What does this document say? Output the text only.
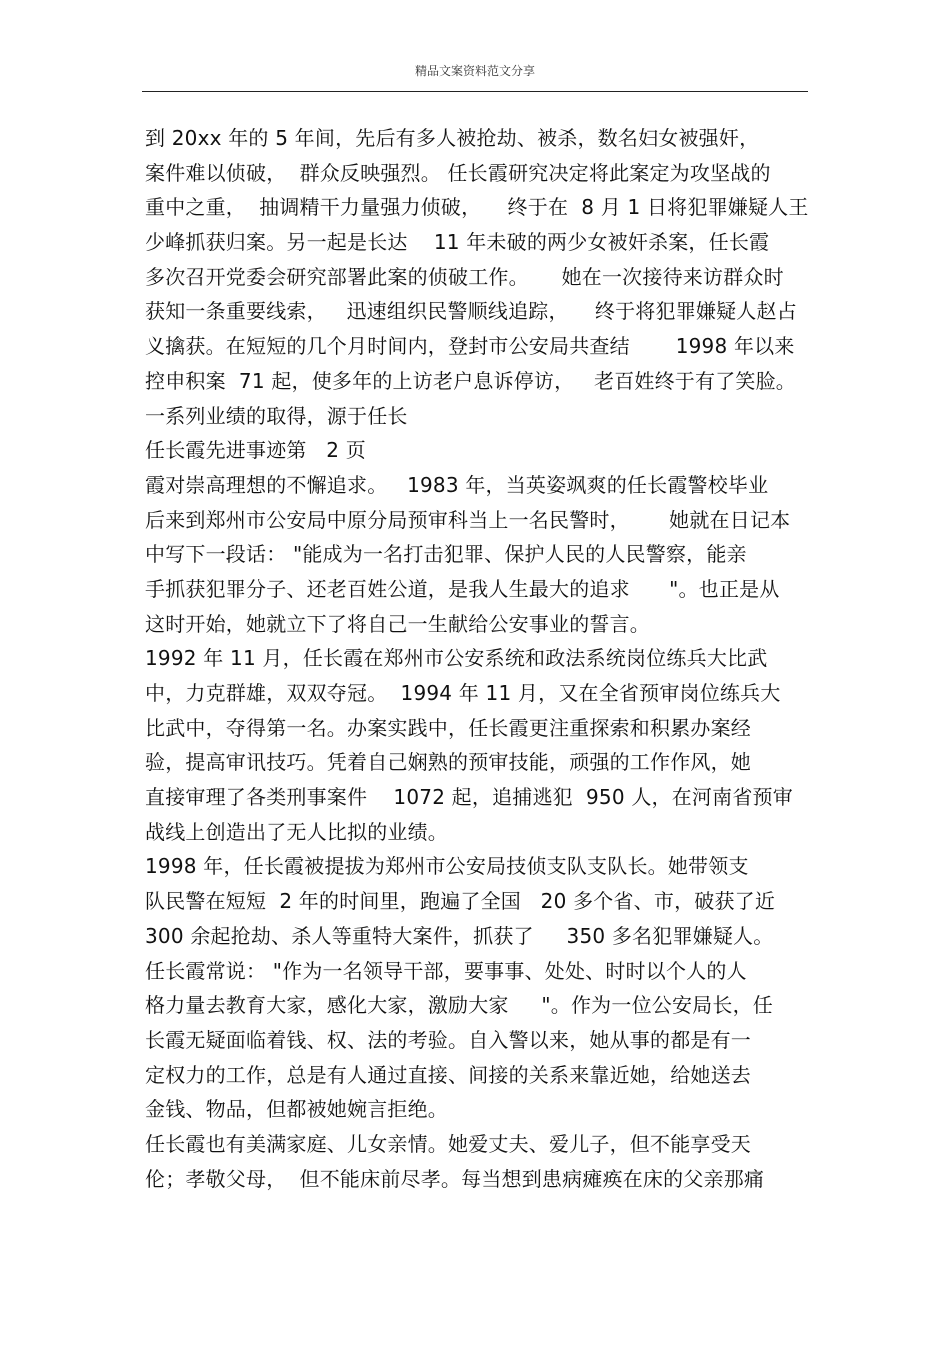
精品文案资料范文分享
到 20xx 年的 5 年间，先后有多人被抢劫、被杀，数名妇女被强奸，
案件难以侦破，  群众反映强烈。 任长霞研究决定将此案定为攻坚战的
重中之重，  抽调精干力量强力侦破，    终于在  8 月 1 日将犯罪嫌疑人王
少峰抓获归案。另一起是长达    11 年未破的两少女被奸杀案，任长霞
多次召开党委会研究部署此案的侦破工作。     她在一次接待来访群众时
获知一条重要线索，   迅速组织民警顺线追踪，    终于将犯罪嫌疑人赵占
义擒获。在短短的几个月时间内，登封市公安局共查结       1998 年以来
控申积案  71 起，使多年的上访老户息诉停访，   老百姓终于有了笑脸。
一系列业绩的取得，源于任长
任长霞先进事迹第   2 页
霞对崇高理想的不懈追求。   1983 年，当英姿飒爽的任长霞警校毕业
后来到郑州市公安局中原分局预审科当上一名民警时，      她就在日记本
中写下一段话： "能成为一名打击犯罪、保护人民的人民警察，能亲
手抓获犯罪分子、还老百姓公道，是我人生最大的追求      "。也正是从
这时开始，她就立下了将自己一生献给公安事业的誓言。
1992 年 11 月，任长霞在郑州市公安系统和政法系统岗位练兵大比武
中，力克群雄，双双夺冠。  1994 年 11 月，又在全省预审岗位练兵大
比武中，夺得第一名。办案实践中，任长霞更注重探索和积累办案经
验，提高审讯技巧。凭着自己娴熟的预审技能，顽强的工作作风，她
直接审理了各类刑事案件    1072 起，追捕逃犯  950 人，在河南省预审
战线上创造出了无人比拟的业绩。
1998 年，任长霞被提拔为郑州市公安局技侦支队支队长。她带领支
队民警在短短  2 年的时间里，跑遍了全国   20 多个省、市，破获了近
300 余起抢劫、杀人等重特大案件，抓获了     350 多名犯罪嫌疑人。
任长霞常说： "作为一名领导干部，要事事、处处、时时以个人的人
格力量去教育大家，感化大家，激励大家     "。作为一位公安局长，任
长霞无疑面临着钱、权、法的考验。自入警以来，她从事的都是有一
定权力的工作，总是有人通过直接、间接的关系来靠近她，给她送去
金钱、物品，但都被她婉言拒绝。
任长霞也有美满家庭、儿女亲情。她爱丈夫、爱儿子，但不能享受天
伦；孝敬父母，  但不能床前尽孝。每当想到患病瘫痪在床的父亲那痛
